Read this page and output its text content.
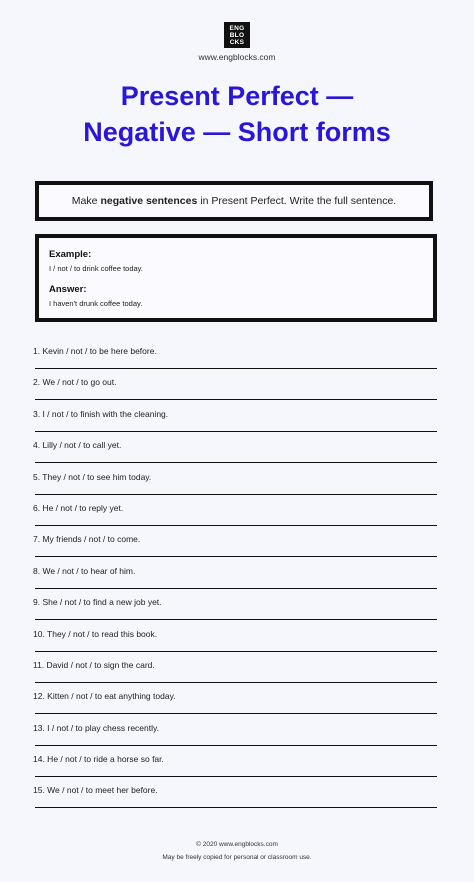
ENG
BLO
CKS
www.engblocks.com
Present Perfect —
Negative — Short forms
Make negative sentences in Present Perfect. Write the full sentence.
Example:
I / not / to drink coffee today.
Answer:
I haven't drunk coffee today.
1. Kevin / not / to be here before.
2. We / not / to go out.
3. I / not / to finish with the cleaning.
4. Lilly / not / to call yet.
5. They / not / to see him today.
6. He / not / to reply yet.
7. My friends / not / to come.
8. We / not / to hear of him.
9. She / not / to find a new job yet.
10. They / not / to read this book.
11. David / not / to sign the card.
12. Kitten / not / to eat anything today.
13. I / not / to play chess recently.
14. He / not / to ride a horse so far.
15. We / not / to meet her before.
© 2020 www.engblocks.com
May be freely copied for personal or classroom use.
